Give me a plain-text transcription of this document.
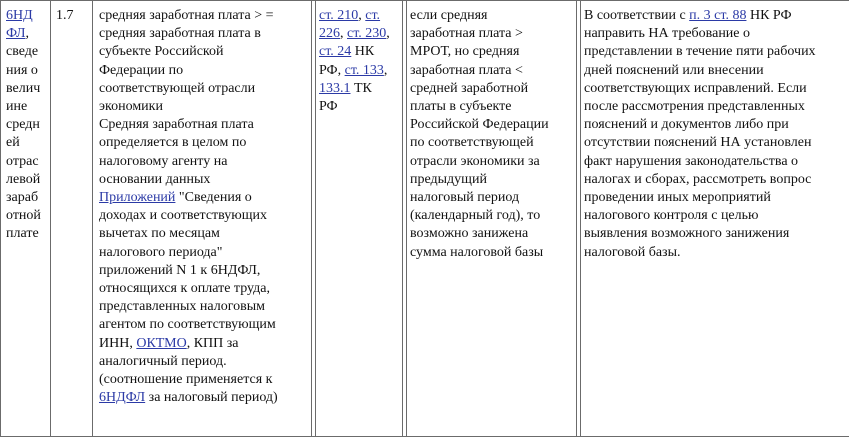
6НД
ФЛ,
сведе
ния о
велич
ине
средн
ей
отрас
левой
зараб
отной
плате
1.7 средняя заработная плата > =
средняя заработная плата в
субъекте Российской
Федерации по
соответствующей отрасли
экономики
Средняя заработная плата
определяется в целом по
налоговому агенту на
основании данных
Приложений "Сведения о
доходах и соответствующих
вычетах по месяцам
налогового периода"
приложений N 1 к 6НДФЛ,
относящихся к оплате труда,
представленных налоговым
агентом по соответствующим
ИНН, ОКТМО, КПП за
аналогичный период.
(соотношение применяется к
6НДФЛ за налоговый период)
ст. 210, ст.
226, ст. 230,
ст. 24 НК
РФ, ст. 133,
133.1 ТК
РФ
если средняя
заработная плата >
МРОТ, но средняя
заработная плата <
средней заработной
платы в субъекте
Российской Федерации
по соответствующей
отрасли экономики за
предыдущий
налоговый период
(календарный год), то
возможно занижена
сумма налоговой базы
В соответствии с п. 3 ст. 88 НК РФ
направить НА требование о
представлении в течение пяти рабочих
дней пояснений или внесении
соответствующих исправлений. Если
после рассмотрения представленных
пояснений и документов либо при
отсутствии пояснений НА установлен
факт нарушения законодательства о
налогах и сборах, рассмотреть вопрос
проведении иных мероприятий
налогового контроля с целью
выявления возможного занижения
налоговой базы.
